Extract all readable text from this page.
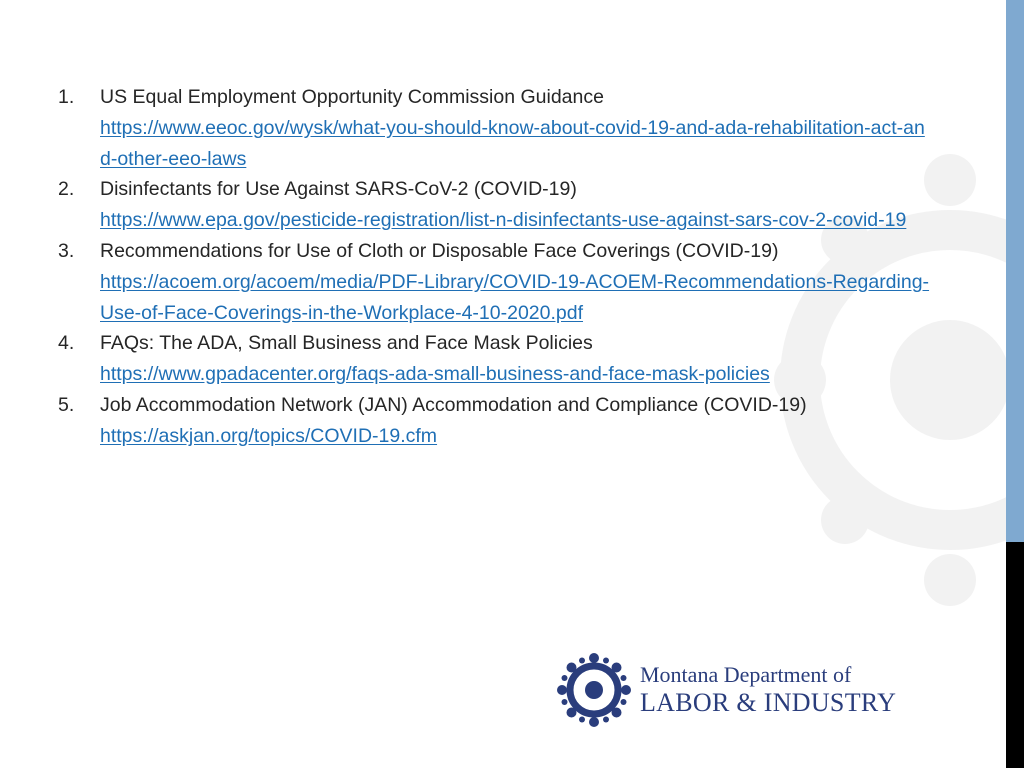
1. US Equal Employment Opportunity Commission Guidance
https://www.eeoc.gov/wysk/what-you-should-know-about-covid-19-and-ada-rehabilitation-act-and-other-eeo-laws
2. Disinfectants for Use Against SARS-CoV-2 (COVID-19)
https://www.epa.gov/pesticide-registration/list-n-disinfectants-use-against-sars-cov-2-covid-19
3. Recommendations for Use of Cloth or Disposable Face Coverings (COVID-19)
https://acoem.org/acoem/media/PDF-Library/COVID-19-ACOEM-Recommendations-Regarding-Use-of-Face-Coverings-in-the-Workplace-4-10-2020.pdf
4. FAQs: The ADA, Small Business and Face Mask Policies
https://www.gpadacenter.org/faqs-ada-small-business-and-face-mask-policies
5. Job Accommodation Network (JAN) Accommodation and Compliance (COVID-19)
https://askjan.org/topics/COVID-19.cfm
Montana Department of
LABOR & INDUSTRY
